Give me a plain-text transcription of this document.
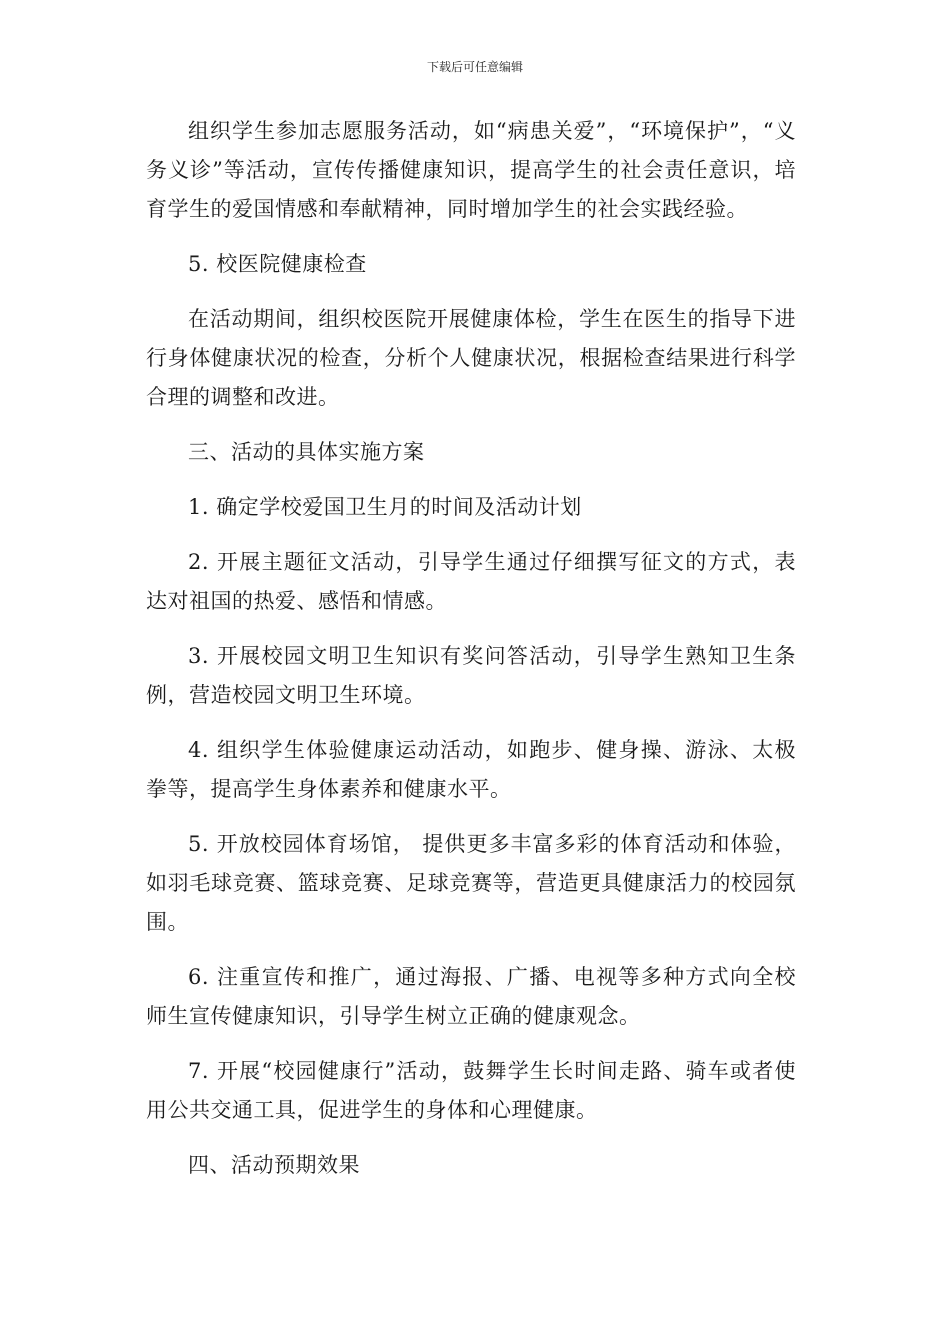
下载后可任意编辑

组织学生参加志愿服务活动，如“病患关爱”，“环境保护”，“义务义诊”等活动，宣传传播健康知识，提高学生的社会责任意识，培育学生的爱国情感和奉献精神，同时增加学生的社会实践经验。

5. 校医院健康检查

在活动期间，组织校医院开展健康体检，学生在医生的指导下进行身体健康状况的检查，分析个人健康状况，根据检查结果进行科学合理的调整和改进。

三、活动的具体实施方案

1. 确定学校爱国卫生月的时间及活动计划

2. 开展主题征文活动，引导学生通过仔细撰写征文的方式，表达对祖国的热爱、感悟和情感。

3. 开展校园文明卫生知识有奖问答活动，引导学生熟知卫生条例，营造校园文明卫生环境。

4. 组织学生体验健康运动活动，如跑步、健身操、游泳、太极拳等，提高学生身体素养和健康水平。

5. 开放校园体育场馆， 提供更多丰富多彩的体育活动和体验，如羽毛球竞赛、篮球竞赛、足球竞赛等，营造更具健康活力的校园氛围。

6. 注重宣传和推广，通过海报、广播、电视等多种方式向全校师生宣传健康知识，引导学生树立正确的健康观念。

7. 开展“校园健康行”活动，鼓舞学生长时间走路、骑车或者使用公共交通工具，促进学生的身体和心理健康。

四、活动预期效果
